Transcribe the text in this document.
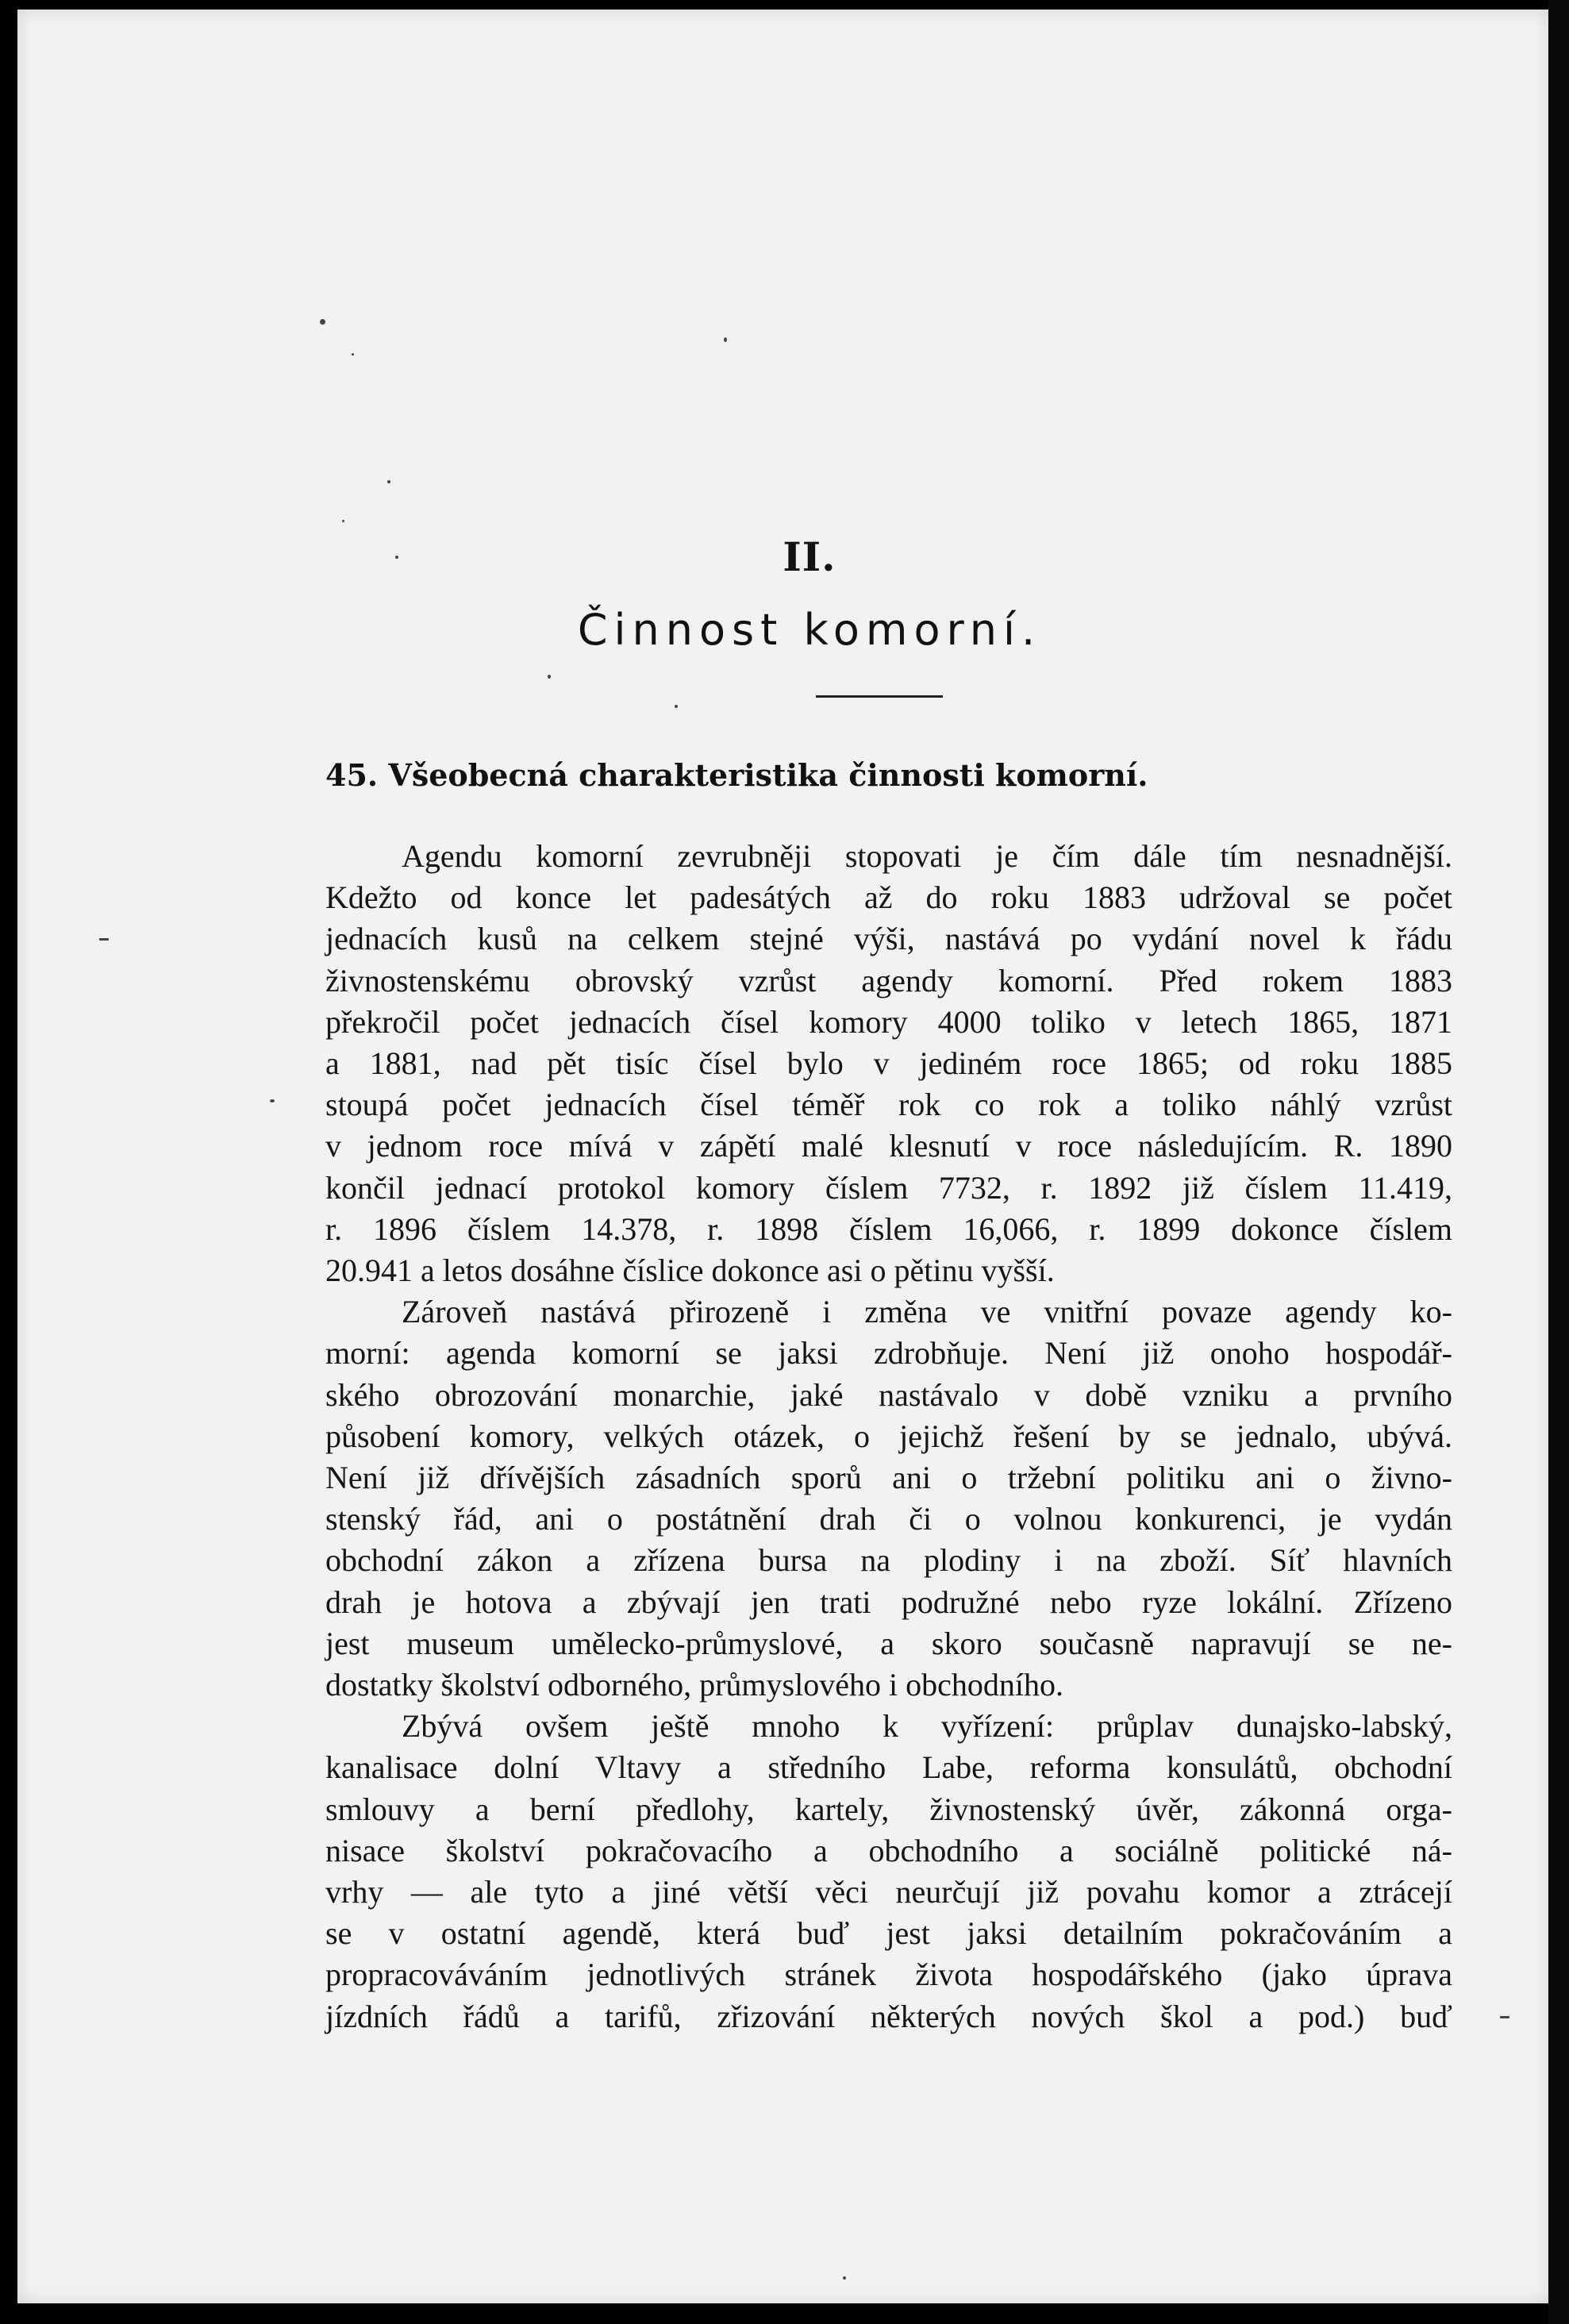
II.
Činnost komorní.
45. Všeobecná charakteristika činnosti komorní.
Agendu komorní zevrubněji stopovati je čím dále tím nesnadnější.
Kdežto od konce let padesátých až do roku 1883 udržoval se počet
jednacích kusů na celkem stejné výši, nastává po vydání novel k řádu
živnostenskému obrovský vzrůst agendy komorní. Před rokem 1883
překročil počet jednacích čísel komory 4000 toliko v letech 1865, 1871
a 1881, nad pět tisíc čísel bylo v jediném roce 1865; od roku 1885
stoupá počet jednacích čísel téměř rok co rok a toliko náhlý vzrůst
v jednom roce mívá v zápětí malé klesnutí v roce následujícím. R. 1890
končil jednací protokol komory číslem 7732, r. 1892 již číslem 11.419,
r. 1896 číslem 14.378, r. 1898 číslem 16,066, r. 1899 dokonce číslem
20.941 a letos dosáhne číslice dokonce asi o pětinu vyšší.
Zároveň nastává přirozeně i změna ve vnitřní povaze agendy ko-
morní: agenda komorní se jaksi zdrobňuje. Není již onoho hospodář-
ského obrozování monarchie, jaké nastávalo v době vzniku a prvního
působení komory, velkých otázek, o jejichž řešení by se jednalo, ubývá.
Není již dřívějších zásadních sporů ani o tržební politiku ani o živno-
stenský řád, ani o postátnění drah či o volnou konkurenci, je vydán
obchodní zákon a zřízena bursa na plodiny i na zboží. Síť hlavních
drah je hotova a zbývají jen trati podružné nebo ryze lokální. Zřízeno
jest museum umělecko-průmyslové, a skoro současně napravují se ne-
dostatky školství odborného, průmyslového i obchodního.
Zbývá ovšem ještě mnoho k vyřízení: průplav dunajsko-labský,
kanalisace dolní Vltavy a středního Labe, reforma konsulátů, obchodní
smlouvy a berní předlohy, kartely, živnostenský úvěr, zákonná orga-
nisace školství pokračovacího a obchodního a sociálně politické ná-
vrhy — ale tyto a jiné větší věci neurčují již povahu komor a ztrácejí
se v ostatní agendě, která buď jest jaksi detailním pokračováním a
propracováváním jednotlivých stránek života hospodářského (jako úprava
jízdních řádů a tarifů, zřizování některých nových škol a pod.) buď
